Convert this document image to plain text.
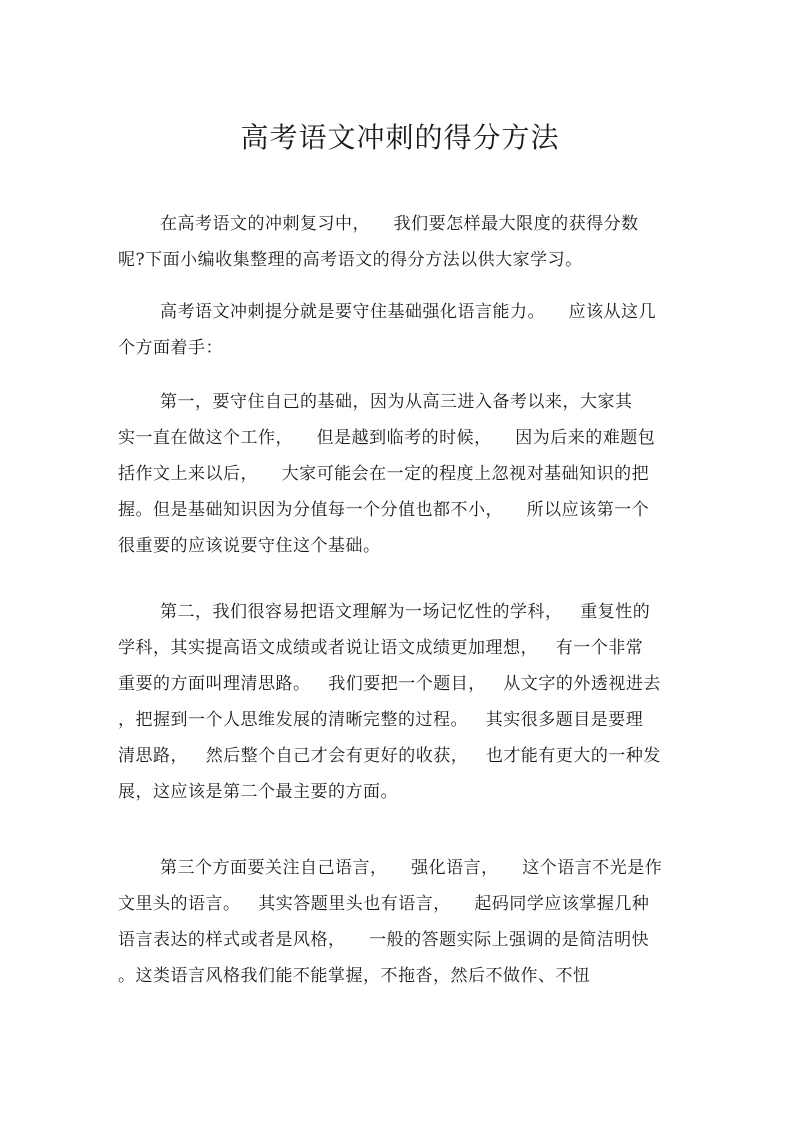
高考语文冲刺的得分方法
在高考语文的冲刺复习中，    我们要怎样最大限度的获得分数
呢?下面小编收集整理的高考语文的得分方法以供大家学习。
高考语文冲刺提分就是要守住基础强化语言能力。    应该从这几
个方面着手：
第一，要守住自己的基础，因为从高三进入备考以来，大家其
实一直在做这个工作，    但是越到临考的时候，    因为后来的难题包
括作文上来以后，    大家可能会在一定的程度上忽视对基础知识的把
握。但是基础知识因为分值每一个分值也都不小，    所以应该第一个
很重要的应该说要守住这个基础。
第二，我们很容易把语文理解为一场记忆性的学科，   重复性的
学科，其实提高语文成绩或者说让语文成绩更加理想，   有一个非常
重要的方面叫理清思路。   我们要把一个题目，   从文字的外透视进去
，把握到一个人思维发展的清晰完整的过程。   其实很多题目是要理
清思路，   然后整个自己才会有更好的收获，   也才能有更大的一种发
展，这应该是第二个最主要的方面。
第三个方面要关注自己语言，    强化语言，    这个语言不光是作
文里头的语言。   其实答题里头也有语言，    起码同学应该掌握几种
语言表达的样式或者是风格，    一般的答题实际上强调的是简洁明快
。这类语言风格我们能不能掌握，不拖沓，然后不做作、不忸
